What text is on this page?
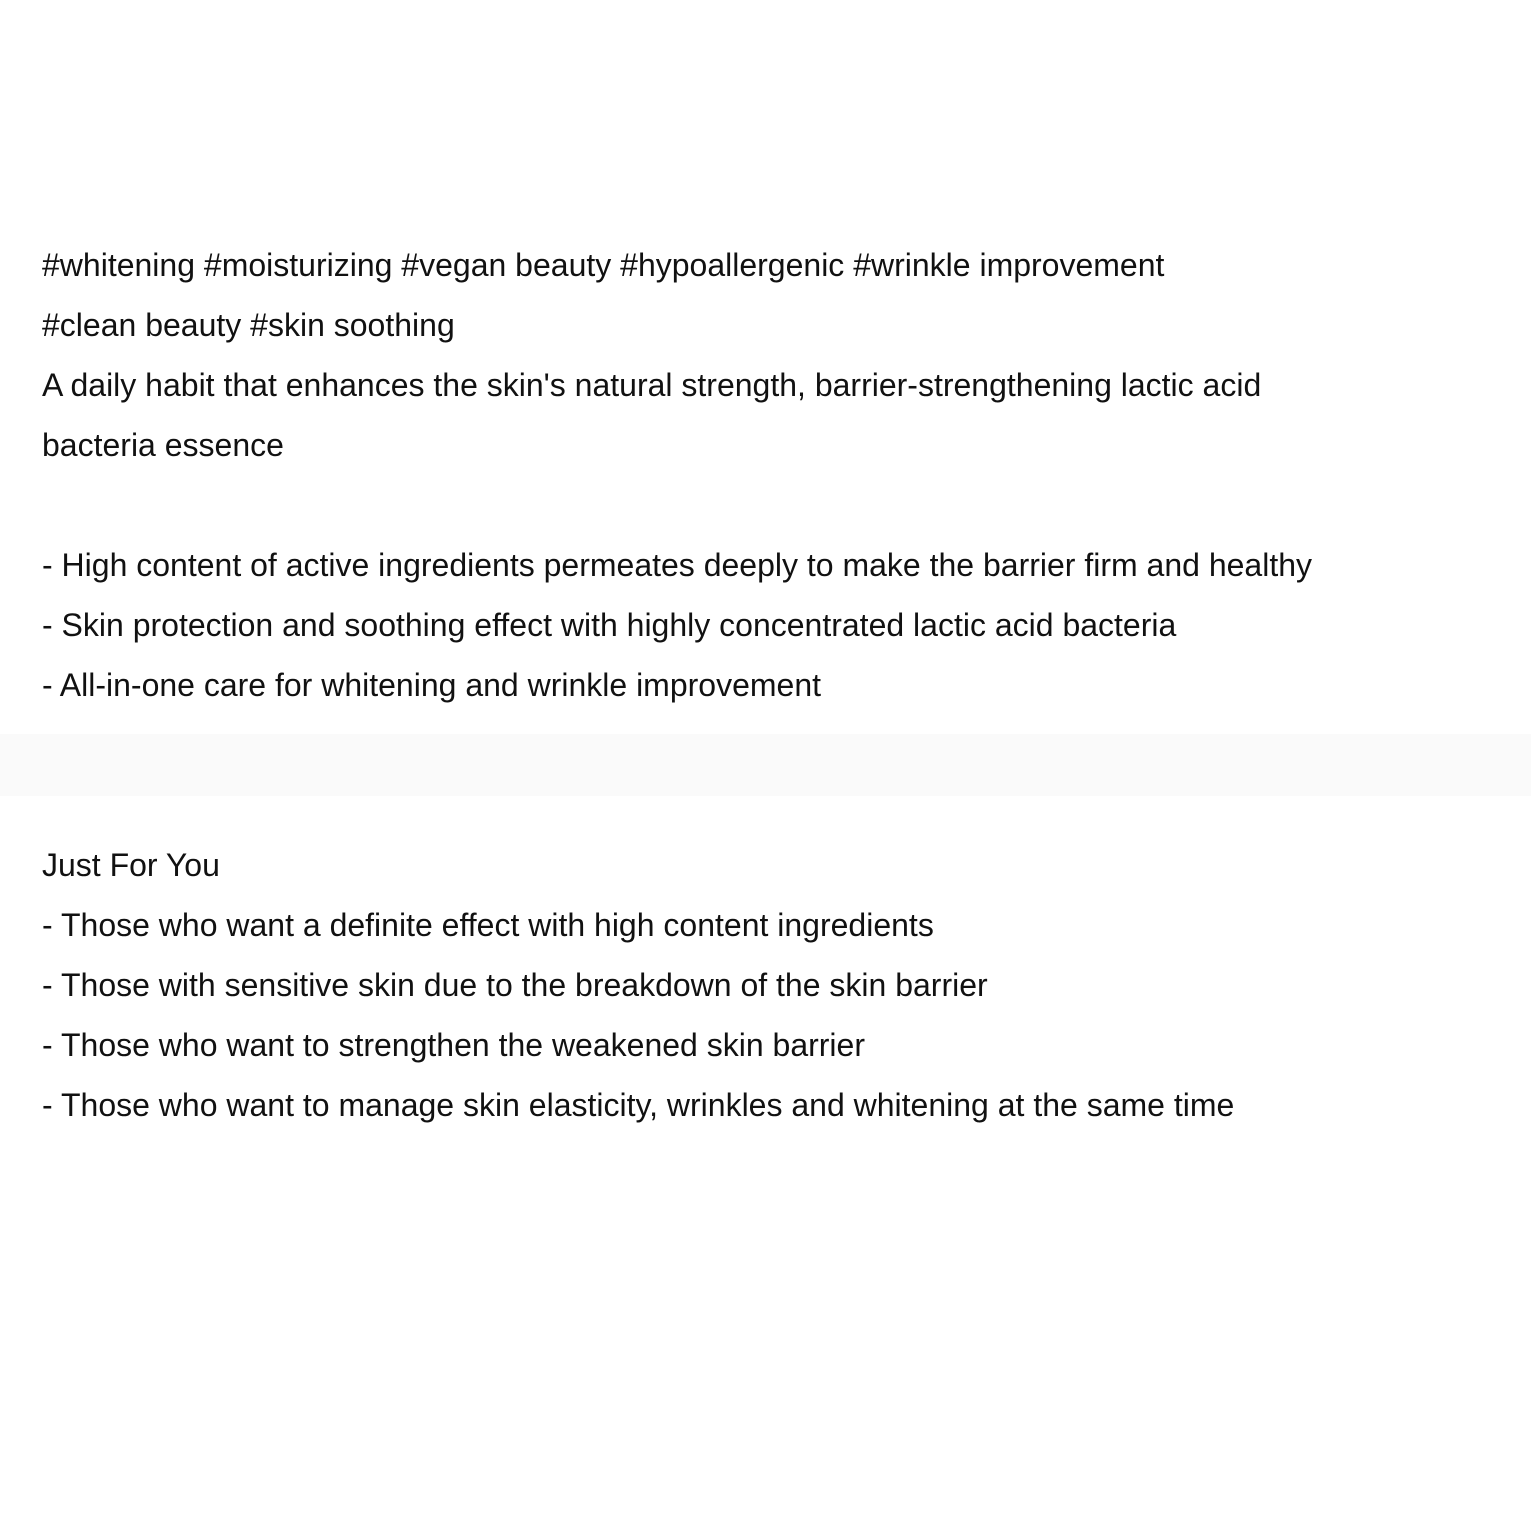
#whitening #moisturizing #vegan beauty #hypoallergenic #wrinkle improvement
#clean beauty #skin soothing
A daily habit that enhances the skin's natural strength, barrier-strengthening lactic acid
bacteria essence
- High content of active ingredients permeates deeply to make the barrier firm and healthy
- Skin protection and soothing effect with highly concentrated lactic acid bacteria
- All-in-one care for whitening and wrinkle improvement
Just For You
- Those who want a definite effect with high content ingredients
- Those with sensitive skin due to the breakdown of the skin barrier
- Those who want to strengthen the weakened skin barrier
- Those who want to manage skin elasticity, wrinkles and whitening at the same time
